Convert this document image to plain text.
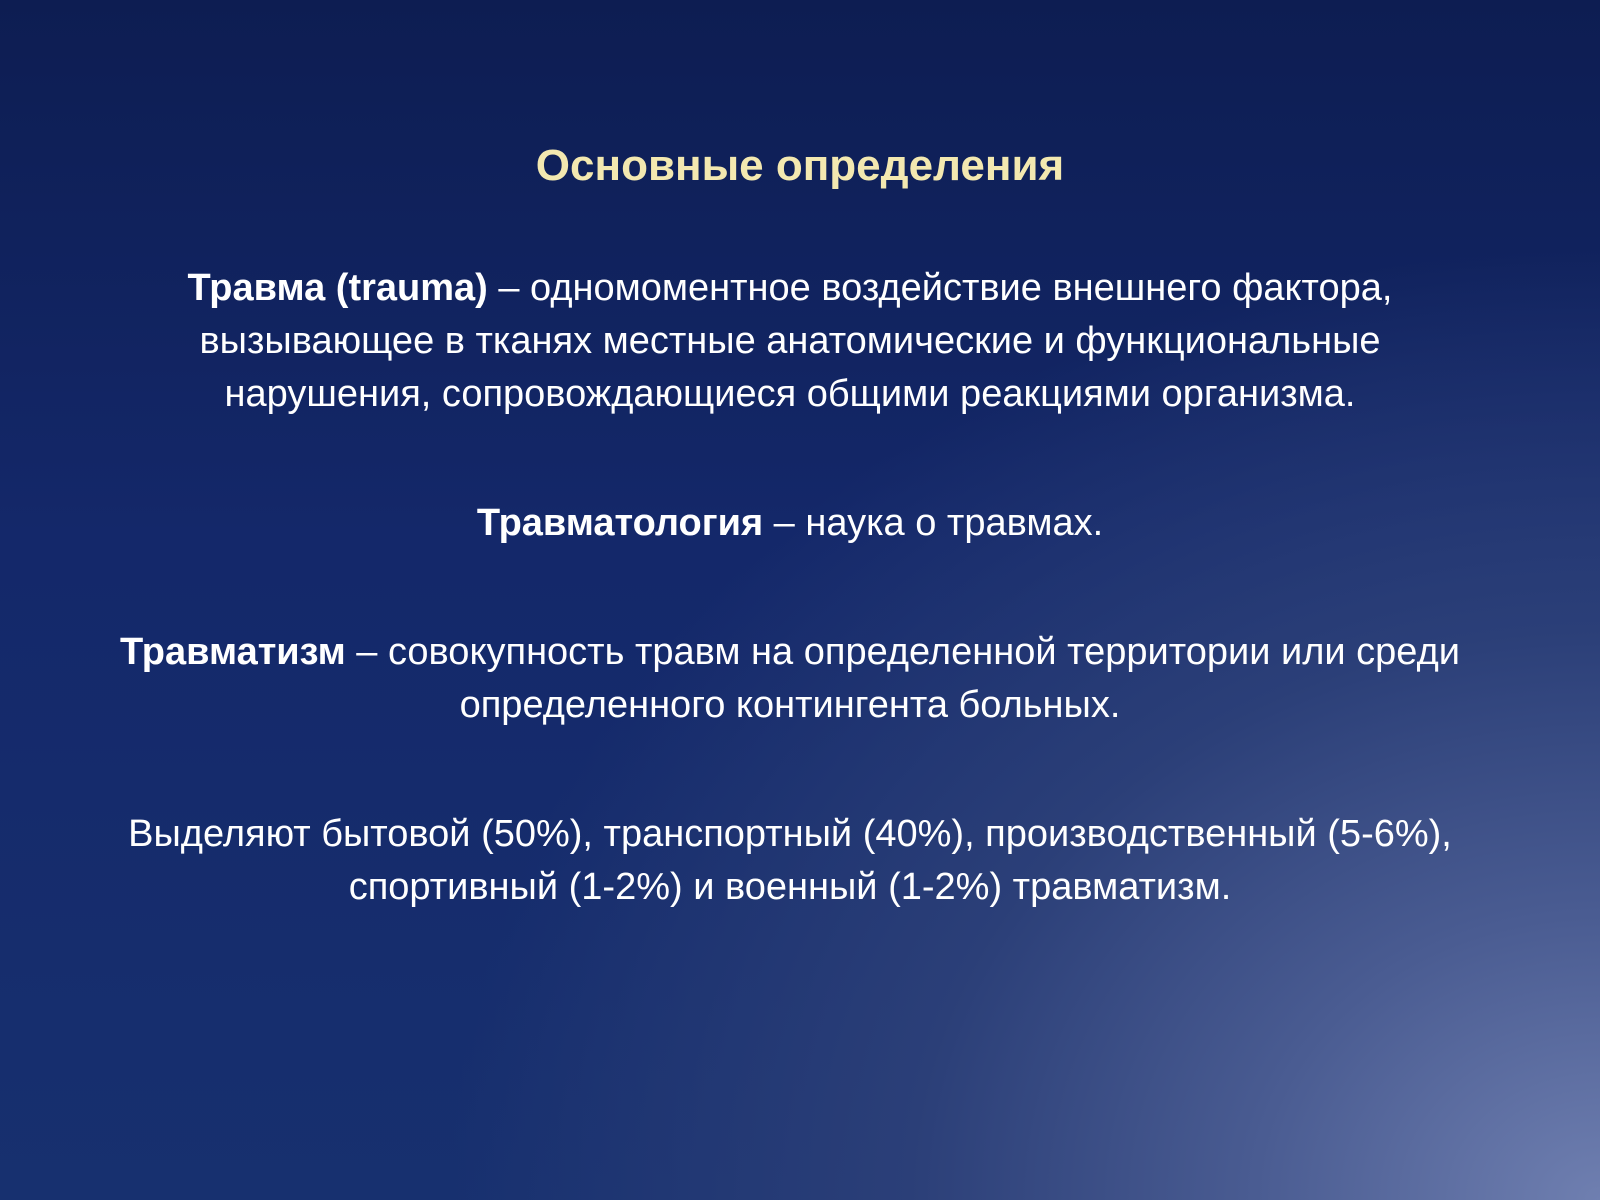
Основные определения
Травма (trauma) – одномоментное воздействие внешнего фактора, вызывающее в тканях местные анатомические и функциональные нарушения, сопровождающиеся общими реакциями организма.
Травматология – наука о травмах.
Травматизм – совокупность травм на определенной территории или среди определенного контингента больных.
Выделяют бытовой (50%), транспортный (40%), производственный (5-6%), спортивный (1-2%) и военный (1-2%) травматизм.
